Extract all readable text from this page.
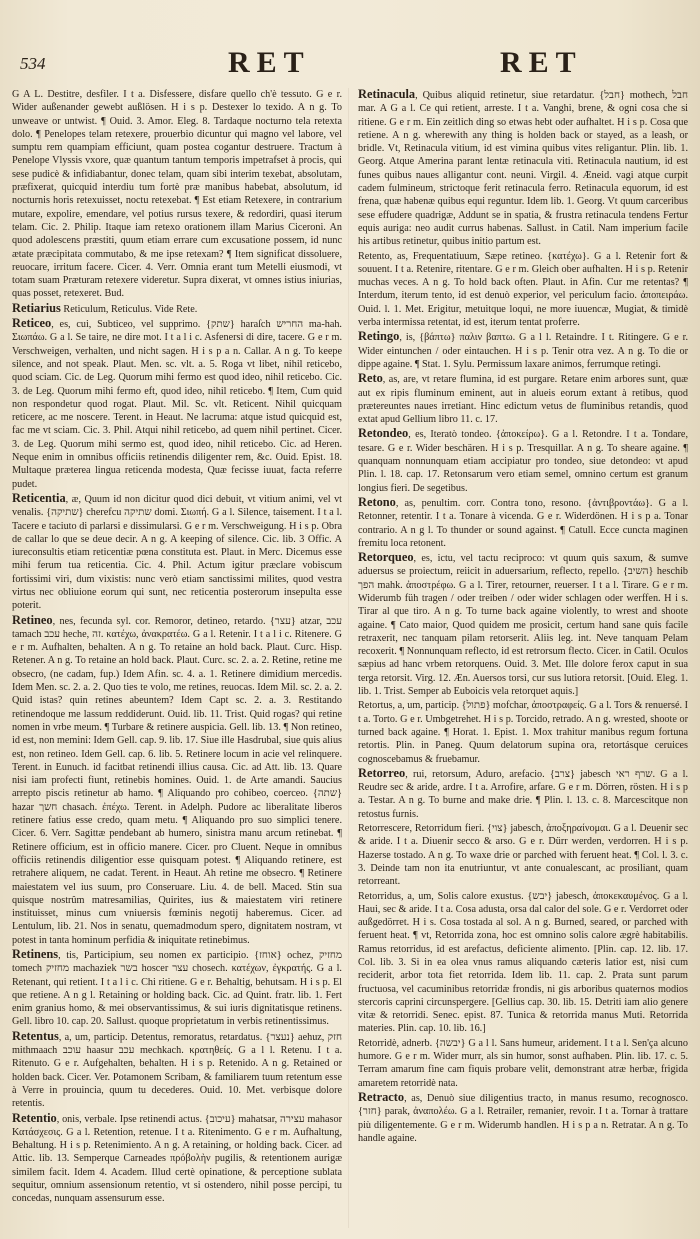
534	RET	RET

G A L. Destitre, desfiler. I t a. Disfessere, disfare quello ch'è tessuto. G e r. Wider außenander gewebt außlösen. H i s p. Destexer lo texido. A n g. To unweave or untwist. ¶ Ouid. 3. Amor. Eleg. 8. Tardaque nocturno tela retexta dolo. ¶ Penelopes telam retexere, prouerbio dicuntur qui magno vel labore, vel sumptu rem quampiam efficiunt, quam postea cogantur destruere. Tractum à Penelope Vlyssis vxore, quæ quantum tantum temporis impetrafset à procis, qui sese pudicè & infidiabantur, donec telam, quam sibi interim texebat, absolutam, præfixerat, quicquid interdiu tum fortè præ manibus habebat, absolutum, id nocturnis horis retexuisset, noctu retexebat. ¶ Est etiam Retexere, in contrarium mutare, expolire, emendare, vel potius rursus texere, & redordiri, quasi iterum telam. Cic. 2. Philip. Itaque iam retexo orationem illam Marius Ciceroni. An quod adolescens præstiti, quum etiam errare cum excusatione possem, id nunc ætate præcipitata commutabo, & me ipse retexam? ¶ Item significat dissoluere, reuocare, irritum facere. Cicer. 4. Verr. Omnia erant tum Metelli eiusmodi, vt totam suam Præturam retexere videretur. Supra dixerat, vt omnes istius iniurias, quas posset, retexeret. Bud.

Retiarius Reticulum, Reticulus. Vide Rete.

Reticeo, es, cui, Subticeo, vel supprimo. {שתק} haraſch החריש ma-hah. Σιωπάω. G a l. Se taire, ne dire mot. I t a l i c. Asfenersi di dire, tacere. G e r m. Verschweigen, verhalten, und nicht sagen. H i s p a n. Callar. A n g. To keepe silence, and not speak. Plaut. Men. sc. vlt. a. 5. Roga vt libet, nihil reticebo, quod sciam. Cic. de Leg. Quorum mihi fermo est quod ideo, nihil reticebo. Cic. 3. de Leg. Quorum mihi fermo eft, quod ideo, nihil reticebo. ¶ Item, Cum quid non respondetur quod rogat. Plaut. Mil. Sc. vlt. Reticent. Nihil quicquam reticere, ac me noscere. Terent. in Heaut. Ne lacruma: atque istud quicquid est, fac me vt sciam. Cic. 3. Phil. Atqui nihil reticebo, ad quem nihil pertinet. Cicer. 3. de Leg. Quorum mihi sermo est, quod ideo, nihil reticebo. Cic. ad Heren. Neque enim in omnibus officiis retinendis diligenter rem, &c. Ouid. Epist. 18. Multaque præterea lingua reticenda modesta, Quæ fecisse iuuat, facta referre pudet.

Reticentia, æ, Quum id non dicitur quod dici debuit, vt vitium animi, vel vt venalis. {שתיקה} cherefcu שתיקה domi. Σιωπή. G a l. Silence, taisement. I t a l. Tacere e taciuto di parlarsi e dissimularsi. G e r m. Verschweigung. H i s p. Obra de callar lo que se deue decir. A n g. A keeping of silence. Cic. lib. 3 Offic. A iureconsultis etiam reticentiæ pœna constituta est. Plaut. in Merc. Dicemus esse mihi ferum tua reticentia. Cic. 4. Phil. Actum igitur præclare vobiscum fortissimi viri, dum vixistis: nunc verò etiam sanctissimi milites, quod vestra virtus nec obliuione eorum qui sunt, nec reticentia posterorum insepulta esse poterit.

Retineo, nes, fecunda syl. cor. Remoror, detineo, retardo. {עצר} atzar, עכב tamach עכב heche, זה. κατέχω, ἀνακρατέω. G a l. Retenir. I t a l i c. Ritenere. G e r m. Aufhalten, behalten. A n g. To retaine an hold back. Plaut. Curc. Hisp. Retener. A n g. To retaine an hold back. Plaut. Curc. sc. 2. a. 2. Retine, retine me obsecro, (ne cadam, fup.) Idem Afin. sc. 4. a. 1. Retinere dimidium mercedis. Idem Men. sc. 2. a. 2. Quo ties te volo, me retines, reuocas. Idem Mil. sc. 2. a. 2. Quid istas? quin retines abeuntem? Idem Capt sc. 2. a. 3. Restitando retinendoque me lassum reddiderunt. Ouid. lib. 11. Trist. Quid rogas? qui retine nomen in vrbe meum. ¶ Turbare & retinere auspicia. Gell. lib. 13. ¶ Non retineo, id est, non memini: Idem Gell. cap. 9. lib. 17. Siue ille Hasdrubal, siue quis alius est, non retineo. Idem Gell. cap. 6. lib. 5. Retinere locum in acie vel relinquere. Terent. in Eunuch. id facitbat retinendi illius causa. Cic. ad Att. lib. 13. Quare nisi iam profecti fiunt, retinebis homines. Ouid. 1. de Arte amandi. Saucius arrepto piscis retinetur ab hamo. ¶ Aliquando pro cohibeo, coerceo. {שתה} hazar חשך chasach. ἐπέχω. Terent. in Adelph. Pudore ac liberalitate liberos retinere fatius esse credo, quam metu. ¶ Aliquando pro suo simplici tenere. Cicer. 6. Verr. Sagittæ pendebant ab humero, sinistra manu arcum retinebat. ¶ Retinere officium, est in officio manere. Cicer. pro Cluent. Neque in omnibus officiis retinendis diligentior esse quisquam potest. ¶ Aliquando retinere, est retrahere aliquem, ne cadat. Terent. in Heaut. Ah retine me obsecro. ¶ Retinere maiestatem vel ius suum, pro Conseruare. Liu. 4. de bell. Maced. Stin sua quisque nostrûm matresamilias, Quirites, ius & maiestatem viri retinere instituisset, minus cum vniuersis fœminis negotij haberemus. Cicer. ad Lentulum, lib. 21. Nos in senatu, quemadmodum spero, dignitatem nostram, vt potest in tanta hominum perfidia & iniquitate retinebimus.

Retinens, tis, Participium, seu nomen ex participio. {אוחז} ochez, מחזיק tomech מחזיק machaziek בשר hoscer עצר chosech. κατέχων, ἐγκρατής. G a l. Retenant, qui retient. I t a l i c. Chi ritiene. G e r. Behaltig, behutsam. H i s p. El que retiene. A n g l. Retaining or holding back. Cic. ad Quint. fratr. lib. 1. Fert enim granius homo, & mei observantissimus, & sui iuris dignitatisque retinens. Gell. libro 10. cap. 20. Sallust. quoque proprietatum in verbis retinentissimus.

Retentus, a, um, particip. Detentus, remoratus, retardatus. {נעצר} aehuz, חזק mithmaach עוכב haasur עכב mechkach. κρατηθείς. G a l l. Retenu. I t a. Ritenuto. G e r. Aufgehalten, behalten. H i s p. Retenido. A n g. Retained or holden back. Cicer. Ver. Potamonem Scribam, & familiarem tuum retentum esse à Verre in prouincia, quum tu decederes. Ouid. 10. Met. verbisque dolore retentis.

Retentio, onis, verbale. Ipse retinendi actus. {עיכוב} mahatsar, עצירה mahasor Κατάσχεσις. G a l. Retention, retenue. I t a. Ritenimento. G e r m. Aufhaltung, Behaltung. H i s p. Retenimiento. A n g. A retaining, or holding back. Cicer. ad Attic. lib. 13. Semperque Carneades πρόβολὴν pugilis, & retentionem aurigæ similem facit. Idem 4. Academ. Illud certè opinatione, & perceptione sublata sequitur, omnium assensionum retentio, vt si ostendero, nihil posse percipi, tu concedas, nunquam assensurum esse.

Retinacula, Quibus aliquid retinetur, siue retardatur. {חבל} mothech, חבל mar. Α G a l. Ce qui retient, arreste. I t a. Vanghi, brene, & ogni cosa che si ritiene. G e r m. Ein zeitlich ding so etwas hebt oder aufhaltet. H i s p. Cosa que retiene. A n g. wherewith any thing is holden back or stayed, as a leash, or bridle. Vt, Retinacula vitium, id est vimina quibus vites religantur. Plin. lib. 1. Georg. Atque Amerina parant lentæ retinacula viti. Retinacula nautium, id est funes quibus naues alligantur cont. neuni. Virgil. 4. Æneid. vagi atque curpit cadem fulmineum, strictoque ferit retinacula ferro. Retinacula equorum, id est frena, quæ habenæ quibus equi reguntur. Idem lib. 1. Georg. Vt quum carceribus sese effudere quadrigæ, Addunt se in spatia, & frustra retinacula tendens Fertur equis auriga: neo audit currus habenas. Sallust. in Catil. Nam imperium facile his artibus retinetur, quibus initio partum est.

Retento, as, Frequentatiuum, Sæpe retineo. {κατέχω}. G a l. Retenir fort & souuent. I t a. Retenire, ritentare. G e r m. Gleich ober aufhalten. H i s p. Retenir muchas veces. A n g. To hold back often. Plaut. in Afin. Cur me retentas? ¶ Interdum, iterum tento, id est denuò experior, vel periculum facio. ἀποπειράω. Ouid. l. 1. Met. Erigitur, metuitque loqui, ne more iuuencæ, Mugiat, & timidè verba intermissa retentat, id est, iterum tentat proferre.

Retingo, is, {βάπτω} παλιν βαπτω. G a l l. Retaindre. I t. Ritingere. G e r. Wider eintunchen / oder eintauchen. H i s p. Tenir otra vez. A n g. To die or dippe againe. ¶ Stat. 1. Sylu. Permissum laxare animos, ferrumque retingi.

Reto, as, are, vt retare flumina, id est purgare. Retare enim arbores sunt, quæ aut ex ripis fluminum eminent, aut in alueis eorum extant à retibus, quod prætereuntes naues irretiant. Hinc edictum vetus de fluminibus retandis, quod extat apud Gellium libro 11. c. 17.

Retondeo, es, Iteratò tondeo. {ἀποκείρω}. G a l. Retondre. I t a. Tondare, tesare. G e r. Wider beschären. H i s p. Tresquillar. A n g. To sheare againe. ¶ quanquam nonnunquam etiam accipiatur pro tondeo, siue detondeo: vt apud Plin. l. 18. cap. 17. Retonsarum vero etiam semel, omnino certum est granum longius fieri. De segetibus.

Retono, as, penultim. corr. Contra tono, resono. {ἀντιβροντάω}. G a l. Retonner, retentir. I t a. Tonare à vicenda. G e r. Widerdönen. H i s p a. Tonar contrario. A n g l. To thunder or sound against. ¶ Catull. Ecce cuncta maginen fremitu loca retonent.

Retorqueo, es, ictu, vel tactu reciproco: vt quum quis saxum, & sumve aduersus se proiectum, reiicit in aduersarium, reflecto, repello. {השיב} heschib הפך mahk. ἀποστρέφω. G a l. Tirer, retourner, reuerser. I t a l. Tirare. G e r m. Widerumb füh tragen / oder treiben / oder wider schlagen oder werffen. H i s. Tirar al que tiro. A n g. To turne back againe violently, to wrest and shoote againe. ¶ Cato maior, Quod quidem me prosicit, certum hand sane quis facile retraxerit, nec tanquam pilam retorserit. Aliis leg. int. Neve tanquam Pelam recoxerit. ¶ Nonnunquam reflecto, id est retrorsum flecto. Cicer. in Catil. Oculos sæpius ad hanc vrbem retorquens. Ouid. 3. Met. Ille dolore ferox caput in sua terga retorsit. Virg. 12. Æn. Auersos torsi, cur sus lutiora retorsit. [Ouid. Eleg. 1. lib. 1. Trist. Semper ab Euboicis vela retorquet aquis.]

Retortus, a, um, particip. {פתול} mofchar, ἀποστραφείς. G a l. Tors & renuersé. I t a. Torto. G e r. Umbgetrehet. H i s p. Torcido, retrado. A n g. wrested, shoote or turned back againe. ¶ Horat. 1. Epist. 1. Mox trahitur manibus regum fortuna retortis. Plin. in Paneg. Quum delatorum supina ora, retortásque ceruices cognoscebamus & fruebamur.

Retorreo, rui, retorsum, Aduro, arefacio. {צרב} jabesch שרף ראי. G a l. Reudre sec & aride, ardre. I t a. Arrofire, arfare. G e r m. Dörren, rösten. H i s p a. Testar. A n g. To burne and make drie. ¶ Plin. l. 13. c. 8. Marcescitque non retostus furnis.

Retorrescere, Retorridum fieri. {צוי} jabesch, ἀποξηραίνομαι. G a l. Deuenir sec & aride. I t a. Diuenir secco & arso. G e r. Dürr werden, verdorren. H i s p. Hazerse tostado. A n g. To waxe drie or parched with feruent heat. ¶ Col. l. 3. c. 3. Deinde tam non ita enutriuntur, vt ante conualescant, ac prosiliant, quam retorreant.

Retorridus, a, um, Solis calore exustus. {יבש} jabesch, ἀποκεκαυμένος. G a l. Haui, sec & aride. I t a. Cosa adusta, orsa dal calor del sole. G e r. Verdorret oder außgedörret. H i s. Cosa tostada al sol. A n g. Burned, seared, or parched with feruent heat. ¶ vt, Retorrida zona, hoc est omnino solis calore ægrè habitabilis. Ramus retorridus, id est arefactus, deficiente alimento. [Plin. cap. 12. lib. 17. Col. lib. 3. Si in ea olea vnus ramus aliquando cæteris latior est, nisi cum reciderit, arbor tota fiet retorrida. Idem lib. 11. cap. 2. Prata sunt parum fructuosa, vel cacuminibus retorridæ frondis, ni gis arboribus quaternos modios stercoris caprini circunspergere. [Gellius cap. 30. lib. 15. Detriti iam alio genere vitæ & retorridi. Senec. epist. 87. Tunica & retorrida manus Muti. Retorrida materies. Plin. cap. 10. lib. 16.]

Retorridè, adnerb. {יבשה} G a l l. Sans humeur, aridement. I t a l. Sen'ça alcuno humore. G e r m. Wider murr, als sin humor, sonst aufhaben. Plin. lib. 17. c. 5. Terram amarum fine cam fiquis probare velit, demonstrant atræ herbæ, frigida amaretem retorridè nata.

Retracto, as, Denuò siue diligentius tracto, in manus resumo, recognosco. {חזר} parak, ἀναπολέω. G a l. Retrailer, remanier, revoir. I t a. Tornar à trattare più diligentemente. G e r m. Widerumb handlen. H i s p a n. Retratar. A n g. To handle againe.
